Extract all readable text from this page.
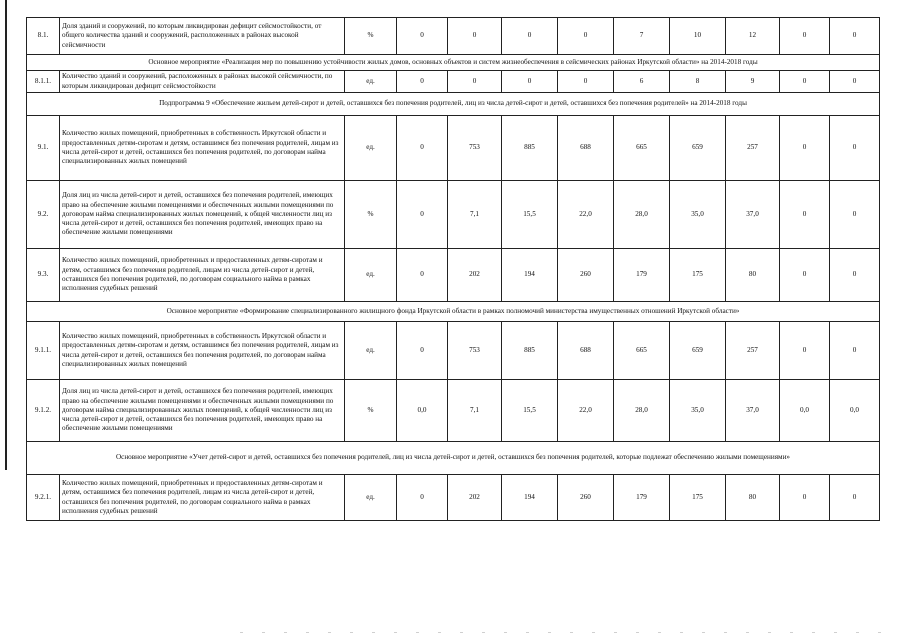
8.1.	Доля зданий и сооружений, по которым ликвидирован дефицит сейсмостойкости, от общего количества зданий и сооружений, расположенных в районах высокой сейсмичности	%	0	0	0	0	7	10	12	0	0
Основное мероприятие «Реализация мер по повышению устойчивости жилых домов, основных объектов и систем жизнеобеспечения в сейсмических районах Иркутской области» на 2014-2018 годы											
8.1.1.	Количество зданий и сооружений, расположенных в районах высокой сейсмичности, по которым ликвидирован дефицит сейсмостойкости	ед.	0	0	0	0	6	8	9	0	0
Подпрограмма 9 «Обеспечение жильем детей-сирот и детей, оставшихся без попечения родителей, лиц из числа детей-сирот и детей, оставшихся без попечения родителей» на 2014-2018 годы											
9.1.	Количество жилых помещений, приобретенных в собственность Иркутской области и предоставленных детям-сиротам и детям, оставшимся без попечения родителей, лицам из числа детей-сирот и детей, оставшихся без попечения родителей, по договорам найма специализированных жилых помещений	ед.	0	753	885	688	665	659	257	0	0
9.2.	Доля лиц из числа детей-сирот и детей, оставшихся без попечения родителей, имеющих право на обеспечение жилыми помещениями и обеспеченных жилыми помещениями по договорам найма специализированных жилых помещений, к общей численности лиц из числа детей-сирот и детей, оставшихся без попечения родителей, имеющих право на обеспечение жилыми помещениями	%	0	7,1	15,5	22,0	28,0	35,0	37,0	0	0
9.3.	Количество жилых помещений, приобретенных и предоставленных детям-сиротам и детям, оставшимся без попечения родителей, лицам из числа детей-сирот и детей, оставшихся без попечения родителей, по договорам социального найма в рамках исполнения судебных решений	ед.	0	202	194	260	179	175	80	0	0
Основное мероприятие «Формирование специализированного жилищного фонда Иркутской области в рамках полномочий министерства имущественных отношений Иркутской области»											
9.1.1.	Количество жилых помещений, приобретенных в собственность Иркутской области и предоставленных детям-сиротам и детям, оставшимся без попечения родителей, лицам из числа детей-сирот и детей, оставшихся без попечения родителей, по договорам найма специализированных жилых помещений	ед.	0	753	885	688	665	659	257	0	0
9.1.2.	Доля лиц из числа детей-сирот и детей, оставшихся без попечения родителей, имеющих право на обеспечение жилыми помещениями и обеспеченных жилыми помещениями по договорам найма специализированных жилых помещений, к общей численности лиц из числа детей-сирот и детей, оставшихся без попечения родителей, имеющих право на обеспечение жилыми помещениями	%	0,0	7,1	15,5	22,0	28,0	35,0	37,0	0,0	0,0
Основное мероприятие «Учет детей-сирот и детей, оставшихся без попечения родителей, лиц из числа детей-сирот и детей, оставшихся без попечения родителей, которые подлежат обеспечению жилыми помещениями»											
9.2.1.	Количество жилых помещений, приобретенных и предоставленных детям-сиротам и детям, оставшимся без попечения родителей, лицам из числа детей-сирот и детей, оставшихся без попечения родителей, по договорам социального найма в рамках исполнения судебных решений	ед.	0	202	194	260	179	175	80	0	0
